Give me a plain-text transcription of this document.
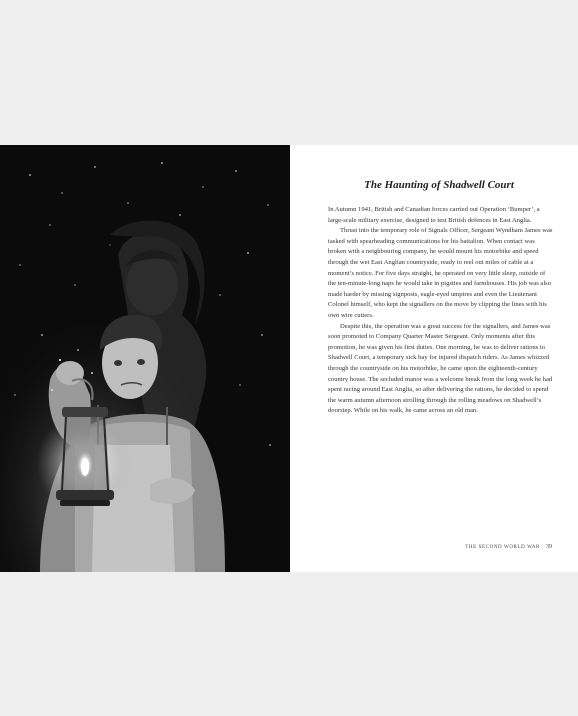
The Haunting of Shadwell Court

In Autumn 1941, British and Canadian forces carried out Operation ‘Bumper’, a large-scale military exercise, designed to test British defences in East Anglia.

Thrust into the temporary role of Signals Officer, Sergeant Wyndham James was tasked with spearheading communications for his battalion. When contact was broken with a neighbouring company, he would mount his motorbike and speed through the wet East Anglian countryside, ready to reel out miles of cable at a moment’s notice. For five days straight, he operated on very little sleep, outside of the ten-minute-long naps he would take in pigsties and farmhouses. His job was also made harder by missing signposts, eagle-eyed umpires and even the Lieutenant Colonel himself, who kept the signallers on the move by clipping the lines with his own wire cutters.

Despite this, the operation was a great success for the signallers, and James was soon promoted to Company Quarter Master Sergeant. Only moments after this promotion, he was given his first duties. One morning, he was to deliver rations to Shadwell Court, a temporary sick bay for injured dispatch riders. As James whizzed through the countryside on his motorbike, he came upon the eighteenth-century country house. The secluded manor was a welcome break from the long week he had spent racing around East Anglia, so after delivering the rations, he decided to spend the warm autumn afternoon strolling through the rolling meadows on Shadwell’s doorstep. While on his walk, he came across an old man.

THE SECOND WORLD WAR 39
